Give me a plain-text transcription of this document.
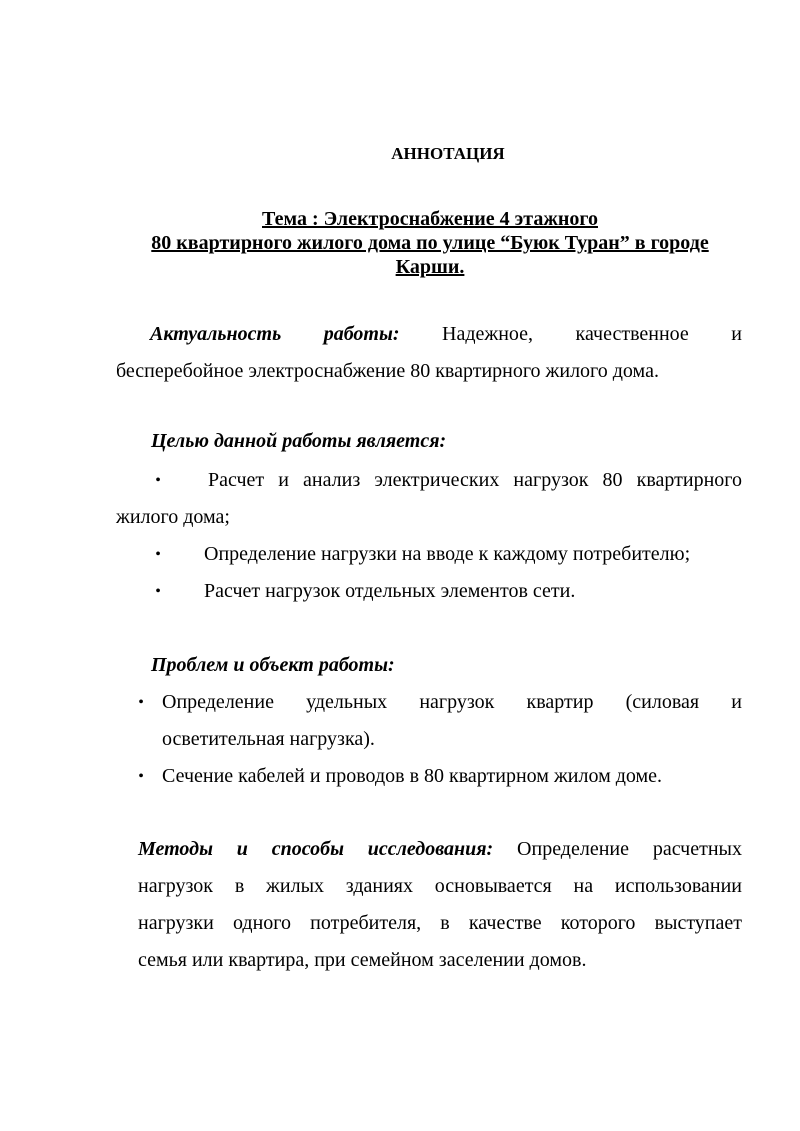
АННОТАЦИЯ
Тема : Электроснабжение 4 этажного
80 квартирного жилого дома по улице “Буюк Туран” в городе
Карши.
Актуальность работы: Надежное, качественное и
бесперебойное электроснабжение 80 квартирного жилого дома.
Целью данной работы является:
•	Расчет и анализ электрических нагрузок 80 квартирного
жилого дома;
•	Определение нагрузки на вводе к каждому потребителю;
•	Расчет нагрузок отдельных элементов сети.
Проблем и объект работы:
• Определение удельных нагрузок квартир (силовая и
осветительная нагрузка).
• Сечение кабелей и проводов в 80 квартирном жилом доме.
Методы и способы исследования: Определение расчетных
нагрузок в жилых зданиях основывается на использовании
нагрузки одного потребителя, в качестве которого выступает
семья или квартира, при семейном заселении домов.
